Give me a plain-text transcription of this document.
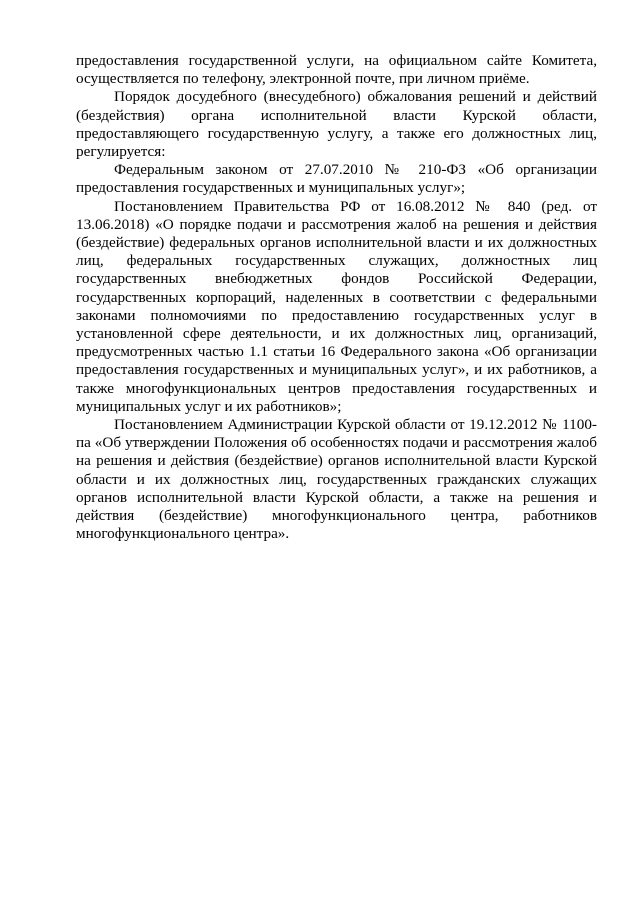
предоставления государственной услуги, на официальном сайте Комитета, осуществляется по телефону, электронной почте, при личном приёме.

Порядок досудебного (внесудебного) обжалования решений и действий (бездействия) органа исполнительной власти Курской области, предоставляющего государственную услугу, а также его должностных лиц, регулируется:

Федеральным законом от 27.07.2010 № 210-ФЗ «Об организации предоставления государственных и муниципальных услуг»;

Постановлением Правительства РФ от 16.08.2012 № 840 (ред. от 13.06.2018) «О порядке подачи и рассмотрения жалоб на решения и действия (бездействие) федеральных органов исполнительной власти и их должностных лиц, федеральных государственных служащих, должностных лиц государственных внебюджетных фондов Российской Федерации, государственных корпораций, наделенных в соответствии с федеральными законами полномочиями по предоставлению государственных услуг в установленной сфере деятельности, и их должностных лиц, организаций, предусмотренных частью 1.1 статьи 16 Федерального закона «Об организации предоставления государственных и муниципальных услуг», и их работников, а также многофункциональных центров предоставления государственных и муниципальных услуг и их работников»;

Постановлением Администрации Курской области от 19.12.2012 № 1100-па «Об утверждении Положения об особенностях подачи и рассмотрения жалоб на решения и действия (бездействие) органов исполнительной власти Курской области и их должностных лиц, государственных гражданских служащих органов исполнительной власти Курской области, а также на решения и действия (бездействие) многофункционального центра, работников многофункционального центра».
